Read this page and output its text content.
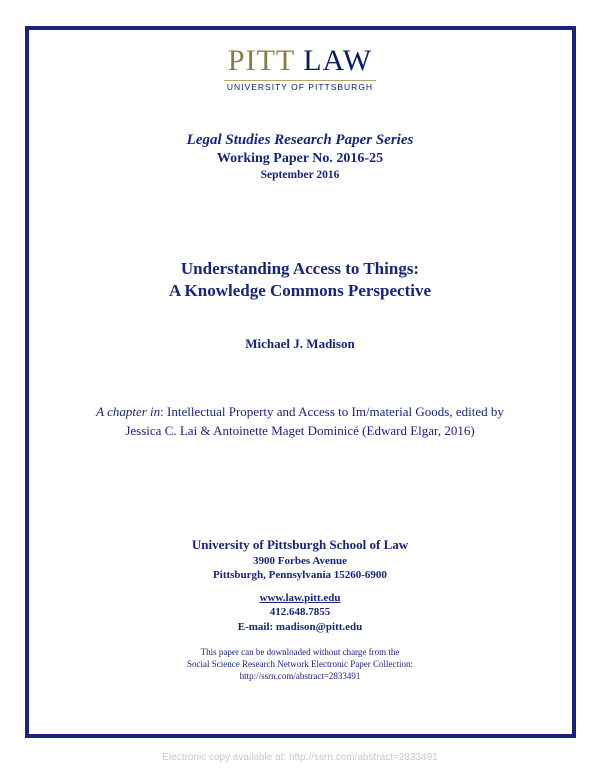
PITT LAW
UNIVERSITY OF PITTSBURGH
Legal Studies Research Paper Series
Working Paper No. 2016-25
September 2016
Understanding Access to Things:
A Knowledge Commons Perspective
Michael J. Madison
A chapter in: Intellectual Property and Access to Im/material Goods, edited by
Jessica C. Lai & Antoinette Maget Dominicé (Edward Elgar, 2016)
University of Pittsburgh School of Law
3900 Forbes Avenue
Pittsburgh, Pennsylvania 15260-6900
www.law.pitt.edu
412.648.7855
E-mail: madison@pitt.edu
This paper can be downloaded without charge from the
Social Science Research Network Electronic Paper Collection:
http://ssrn.com/abstract=2833491
Electronic copy available at: http://ssrn.com/abstract=2833491
